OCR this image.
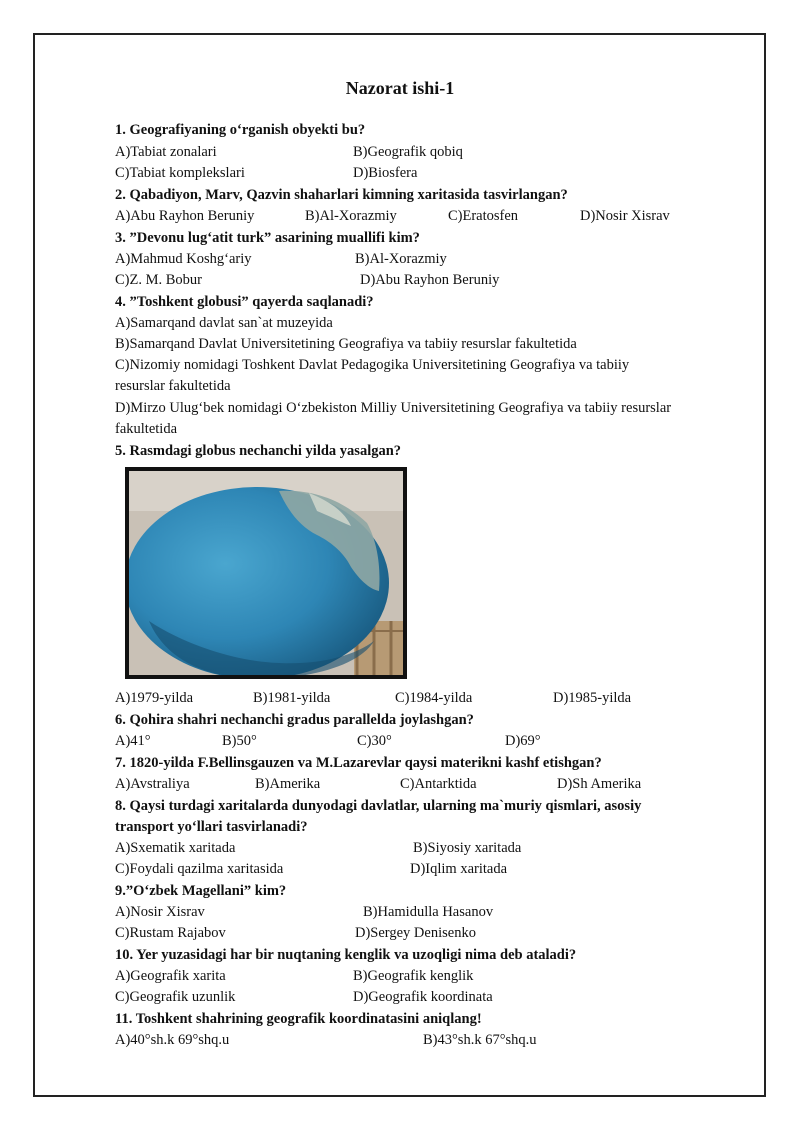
Nazorat ishi-1
1. Geografiyaning o‘rganish obyekti bu?
A)Tabiat zonalari	B)Geografik qobiq
C)Tabiat komplekslari	D)Biosfera
2. Qabadiyon, Marv, Qazvin shaharlari kimning xaritasida tasvirlangan?
A)Abu Rayhon Beruniy	B)Al-Xorazmiy	C)Eratosfen	D)Nosir Xisrav
3. ”Devonu lug‘atit turk” asarining muallifi kim?
A)Mahmud Koshg‘ariy	B)Al-Xorazmiy
C)Z. M. Bobur	D)Abu Rayhon Beruniy
4. ”Toshkent globusi” qayerda saqlanadi?
A)Samarqand davlat san`at muzeyida
B)Samarqand Davlat Universitetining Geografiya va tabiiy resurslar fakultetida
C)Nizomiy nomidagi Toshkent Davlat Pedagogika Universitetining Geografiya va tabiiy
resurslar fakultetida
D)Mirzo Ulug‘bek nomidagi O‘zbekiston Milliy Universitetining Geografiya va tabiiy resurslar
fakultetida
5. Rasmdagi globus nechanchi yilda yasalgan?
A)1979-yilda	B)1981-yilda	C)1984-yilda	D)1985-yilda
6. Qohira shahri nechanchi gradus parallelda joylashgan?
A)41°	B)50°	C)30°	D)69°
7. 1820-yilda F.Bellinsgauzen va M.Lazarevlar qaysi materikni kashf etishgan?
A)Avstraliya	B)Amerika	C)Antarktida	D)Sh Amerika
8. Qaysi turdagi xaritalarda dunyodagi davlatlar, ularning ma`muriy qismlari, asosiy
transport yo‘llari tasvirlanadi?
A)Sxematik xaritada	B)Siyosiy xaritada
C)Foydali qazilma xaritasida	D)Iqlim xaritada
9.”O‘zbek Magellani” kim?
A)Nosir Xisrav	B)Hamidulla Hasanov
C)Rustam Rajabov	D)Sergey Denisenko
10. Yer yuzasidagi har bir nuqtaning kenglik va uzoqligi nima deb ataladi?
A)Geografik xarita	B)Geografik kenglik
C)Geografik uzunlik	D)Geografik koordinata
11. Toshkent shahrining geografik koordinatasini aniqlang!
A)40°sh.k 69°shq.u	B)43°sh.k 67°shq.u
